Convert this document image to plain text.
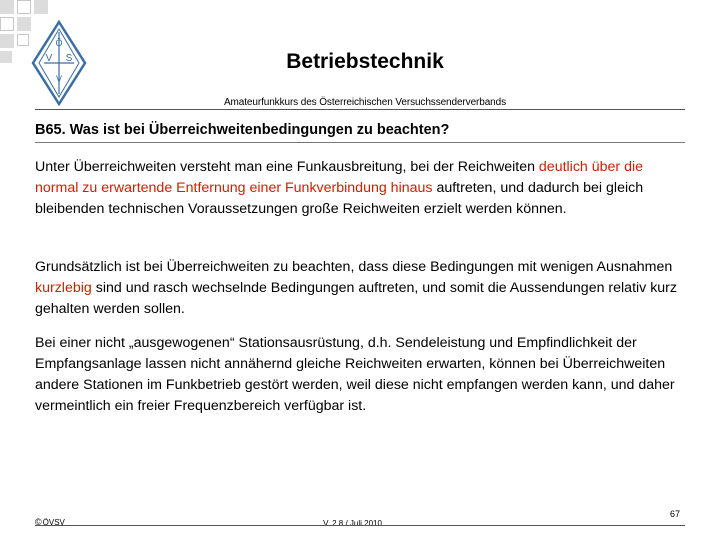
Ö
V S
V
Betriebstechnik
Amateurfunkkurs des Österreichischen Versuchssenderverbands
B65. Was ist bei Überreichweitenbedingungen zu beachten?
Unter Überreichweiten versteht man eine Funkausbreitung, bei der Reichweiten deutlich über die normal zu erwartende Entfernung einer Funkverbindung hinaus auftreten, und dadurch bei gleich bleibenden technischen Voraussetzungen große Reichweiten erzielt werden können.
Grundsätzlich ist bei Überreichweiten zu beachten, dass diese Bedingungen mit wenigen Ausnahmen kurzlebig sind und rasch wechselnde Bedingungen auftreten, und somit die Aussendungen relativ kurz gehalten werden sollen.
Bei einer nicht „ausgewogenen“ Stationsausrüstung, d.h. Sendeleistung und Empfindlichkeit der Empfangsanlage lassen nicht annähernd gleiche Reichweiten erwarten, können bei Überreichweiten andere Stationen im Funkbetrieb gestört werden, weil diese nicht empfangen werden kann, und daher vermeintlich ein freier Frequenzbereich verfügbar ist.
© ÖVSV	V. 2.8 / Juli 2010
67
